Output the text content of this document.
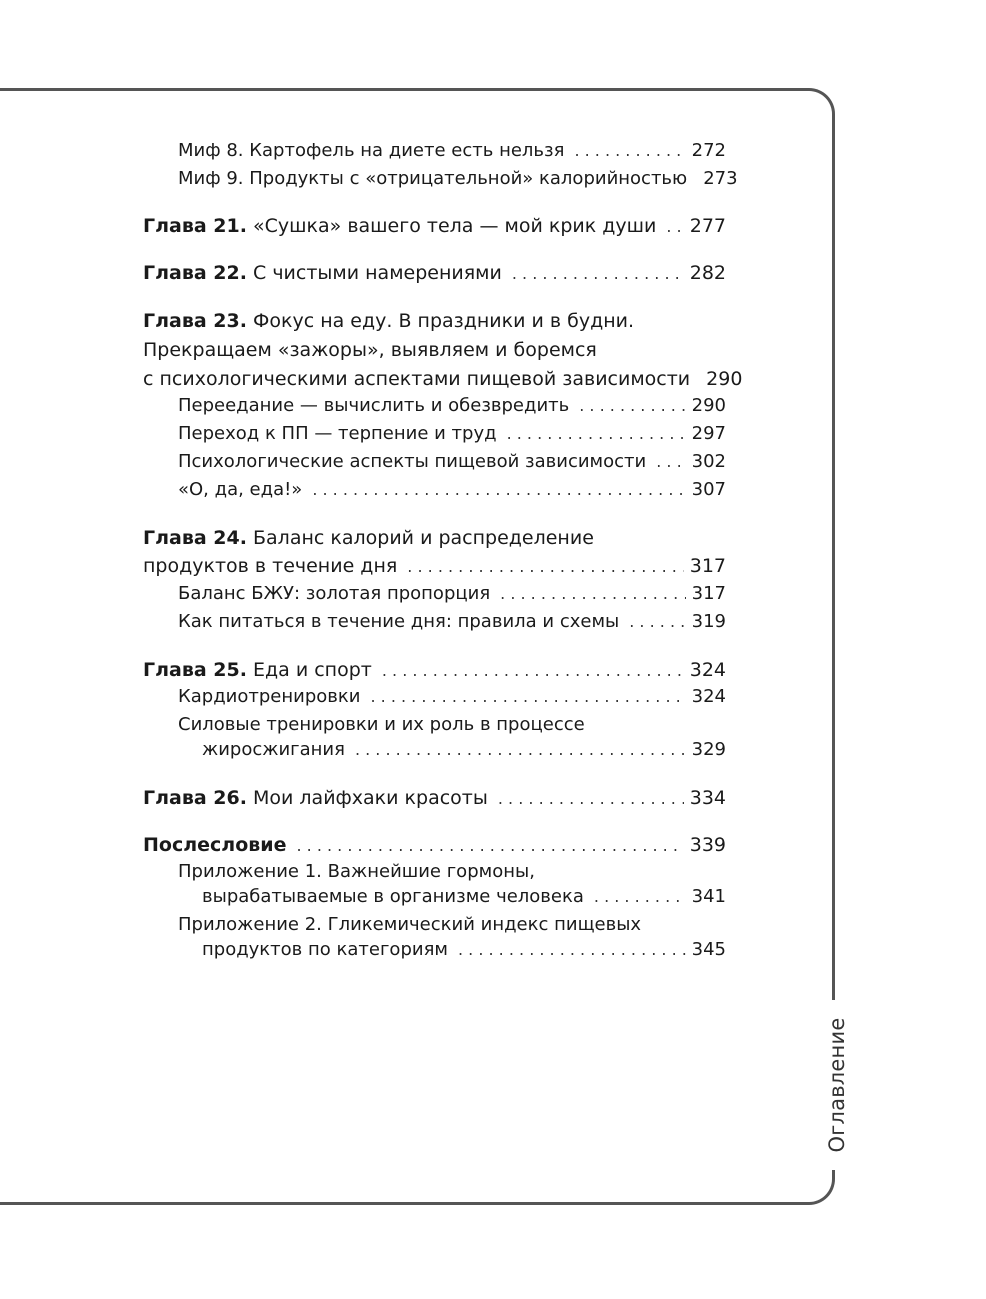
Оглавление
Миф 8. Картофель на диете есть нельзя . . .	272
Миф 9. Продукты с «отрицательной» калорийностью 273
Глава 21. «Сушка» вашего тела — мой крик души . . . 277
Глава 22. С чистыми намерениями . . .	282
Глава 23. Фокус на еду. В праздники и в будни.
Прекращаем «зажоры», выявляем и боремся
с психологическими аспектами пищевой зависимости 290
Переедание — вычислить и обезвредить . . .	290
Переход к ПП — терпение и труд . . .	297
Психологические аспекты пищевой зависимости . . .	302
«О, да, еда!» . . .	307
Глава 24. Баланс калорий и распределение
продуктов в течение дня . . .	317
Баланс БЖУ: золотая пропорция . . .	317
Как питаться в течение дня: правила и схемы . . .	319
Глава 25. Еда и спорт . . .	324
Кардиотренировки . . .	324
Силовые тренировки и их роль в процессе
жиросжигания . . .	329
Глава 26. Мои лайфхаки красоты . . .	334
Послесловие . . .	339
Приложение 1. Важнейшие гормоны,
вырабатываемые в организме человека . . .	341
Приложение 2. Гликемический индекс пищевых
продуктов по категориям . . .	345
